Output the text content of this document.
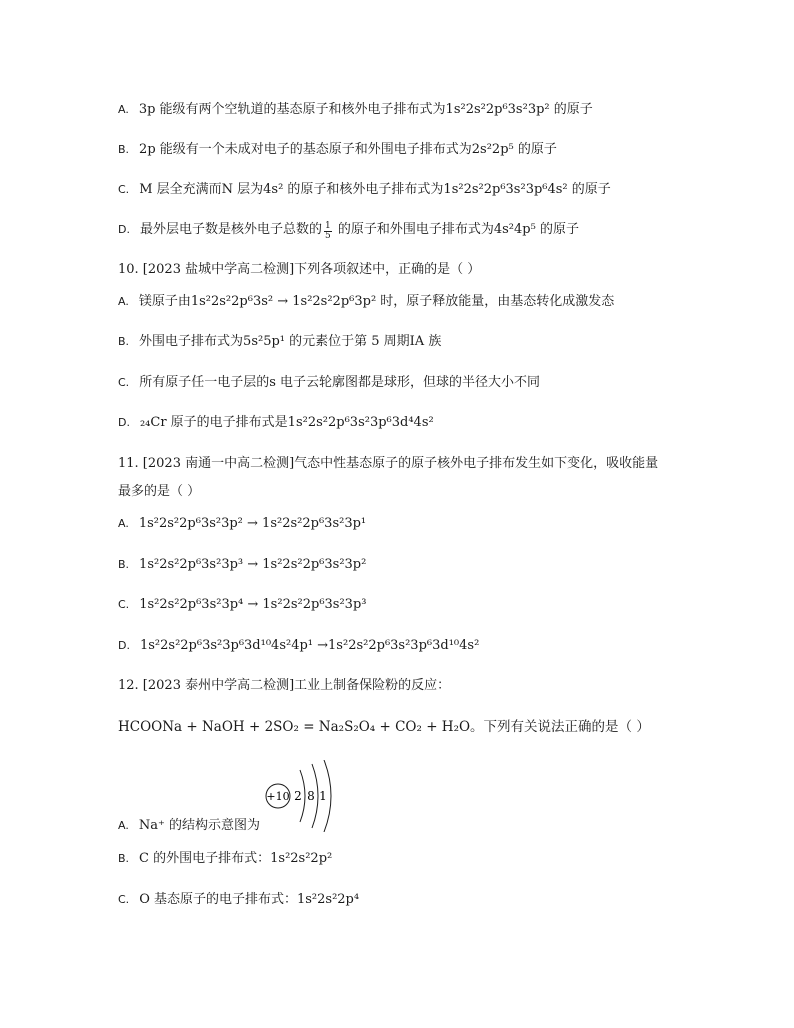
A. 3p 能级有两个空轨道的基态原子和核外电子排布式为1s²2s²2p⁶3s²3p² 的原子
B. 2p 能级有一个未成对电子的基态原子和外围电子排布式为2s²2p⁵ 的原子
C. M 层全充满而N 层为4s² 的原子和核外电子排布式为1s²2s²2p⁶3s²3p⁶4s² 的原子
D. 最外层电子数是核外电子总数的 $\frac{1}{5}$ 的原子和外围电子排布式为4s²4p⁵ 的原子
10. [2023 盐城中学高二检测]下列各项叙述中，正确的是（ ）
A. 镁原子由1s²2s²2p⁶3s² → 1s²2s²2p⁶3p² 时，原子释放能量，由基态转化成激发态
B. 外围电子排布式为5s²5p¹ 的元素位于第 5 周期ⅠA 族
C. 所有原子任一电子层的s 电子云轮廓图都是球形，但球的半径大小不同
D. ₂₄Cr 原子的电子排布式是1s²2s²2p⁶3s²3p⁶3d⁴4s²
11. [2023 南通一中高二检测]气态中性基态原子的原子核外电子排布发生如下变化，吸收能量
最多的是（ ）
A. 1s²2s²2p⁶3s²3p² → 1s²2s²2p⁶3s²3p¹
B. 1s²2s²2p⁶3s²3p³ → 1s²2s²2p⁶3s²3p²
C. 1s²2s²2p⁶3s²3p⁴ → 1s²2s²2p⁶3s²3p³
D. 1s²2s²2p⁶3s²3p⁶3d¹⁰4s²4p¹ →1s²2s²2p⁶3s²3p⁶3d¹⁰4s²
12. [2023 泰州中学高二检测]工业上制备保险粉的反应：
HCOONa + NaOH + 2SO₂ = Na₂S₂O₄ + CO₂ + H₂O。下列有关说法正确的是（ ）
+10 2 8 1
A. Na⁺ 的结构示意图为
B. C 的外围电子排布式：1s²2s²2p²
C. O 基态原子的电子排布式：1s²2s²2p⁴
